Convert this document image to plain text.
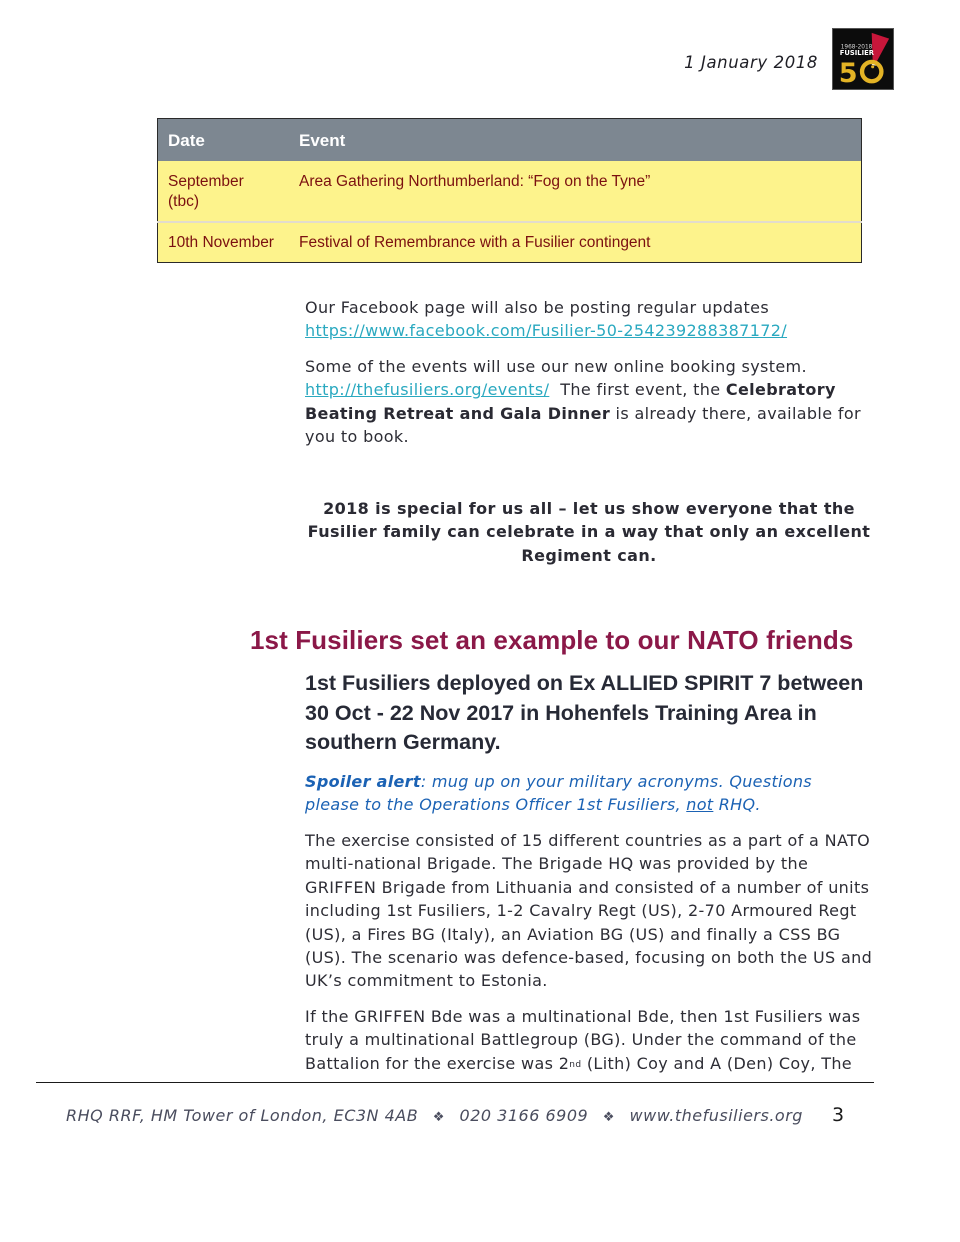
1 January 2018
1968-2018
FUSILIER
5
Date	Event
September (tbc)	Area Gathering Northumberland: “Fog on the Tyne”
10th November	Festival of Remembrance with a Fusilier contingent

Our Facebook page will also be posting regular updates
https://www.facebook.com/Fusilier-50-254239288387172/

Some of the events will use our new online booking system.
http://thefusiliers.org/events/ The first event, the Celebratory Beating Retreat and Gala Dinner is already there, available for you to book.

2018 is special for us all – let us show everyone that the Fusilier family can celebrate in a way that only an excellent Regiment can.
1st Fusiliers set an example to our NATO friends
1st Fusiliers deployed on Ex ALLIED SPIRIT 7 between 30 Oct - 22 Nov 2017 in Hohenfels Training Area in southern Germany.
Spoiler alert: mug up on your military acronyms. Questions please to the Operations Officer 1st Fusiliers, not RHQ.

The exercise consisted of 15 different countries as a part of a NATO multi-national Brigade. The Brigade HQ was provided by the GRIFFEN Brigade from Lithuania and consisted of a number of units including 1st Fusiliers, 1-2 Cavalry Regt (US), 2-70 Armoured Regt (US), a Fires BG (Italy), an Aviation BG (US) and finally a CSS BG (US). The scenario was defence-based, focusing on both the US and UK’s commitment to Estonia.

If the GRIFFEN Bde was a multinational Bde, then 1st Fusiliers was truly a multinational Battlegroup (BG). Under the command of the Battalion for the exercise was 2nd (Lith) Coy and A (Den) Coy, The

RHQ RRF, HM Tower of London, EC3N 4AB ❖ 020 3166 6909 ❖ www.thefusiliers.org 3
